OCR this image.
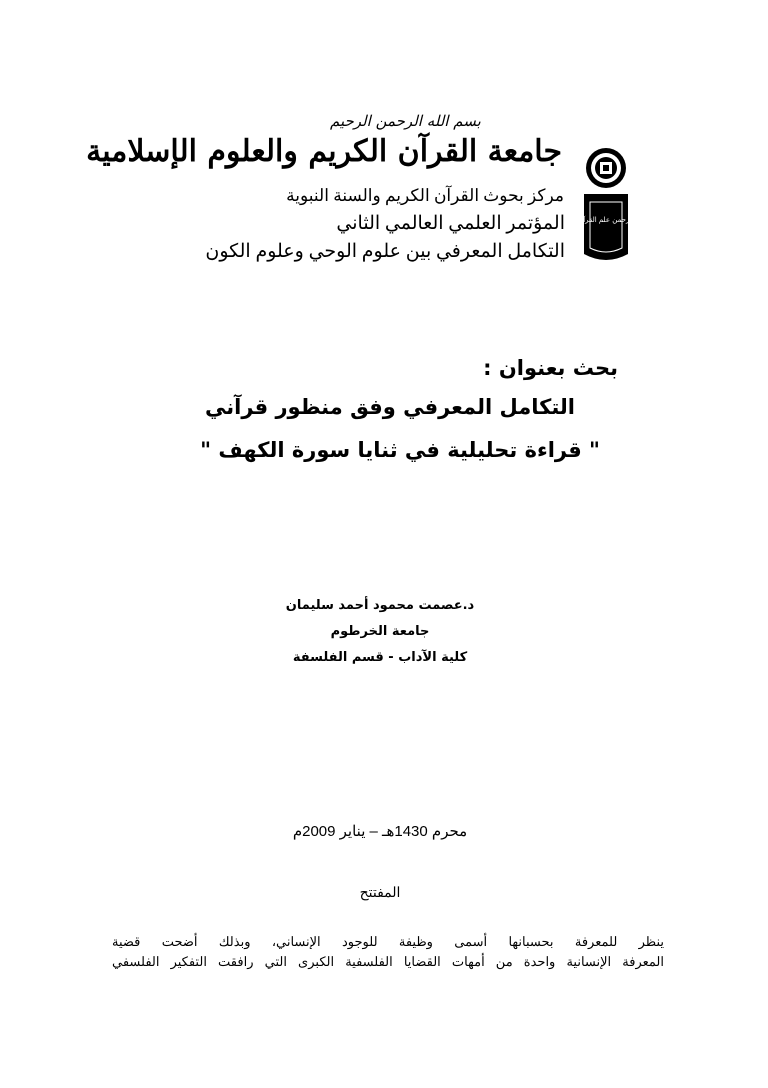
بسم الله الرحمن الرحيم
جامعة القرآن الكريم والعلوم الإسلامية
مركز بحوث القرآن الكريم والسنة النبوية
المؤتمر العلمي العالمي الثاني
التكامل المعرفي بين علوم الوحي وعلوم الكون
الرحمن علم القرآن
بحث بعنوان :
التكامل المعرفي وفق منظور قرآني
" قراءة تحليلية في ثنايا سورة الكهف "
د.عصمت محمود أحمد سليمان
جامعة الخرطوم
كلية الآداب - قسم الفلسفة
محرم 1430هـ – يناير 2009م
المفتتح
ينظر للمعرفة بحسبانها أسمى وظيفة للوجود الإنساني، وبذلك أضحت قضية
المعرفة الإنسانية واحدة من أمهات القضايا الفلسفية الكبرى التي رافقت التفكير الفلسفي
